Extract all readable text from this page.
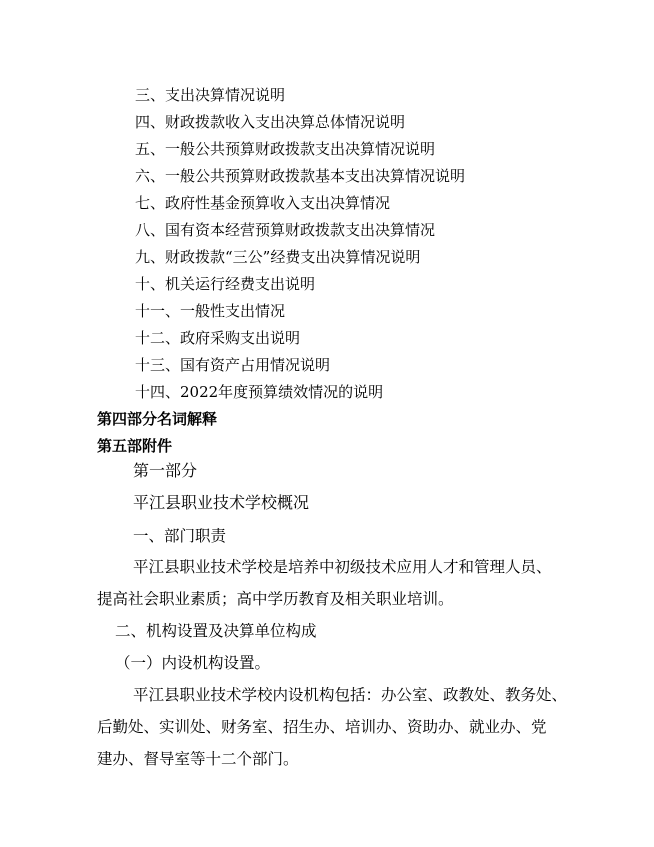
三、支出决算情况说明
四、财政拨款收入支出决算总体情况说明
五、一般公共预算财政拨款支出决算情况说明
六、一般公共预算财政拨款基本支出决算情况说明
七、政府性基金预算收入支出决算情况
八、国有资本经营预算财政拨款支出决算情况
九、财政拨款“三公”经费支出决算情况说明
十、机关运行经费支出说明
十一、一般性支出情况
十二、政府采购支出说明
十三、国有资产占用情况说明
十四、2022年度预算绩效情况的说明
第四部分名词解释
第五部附件
第一部分
平江县职业技术学校概况
一、部门职责
平江县职业技术学校是培养中初级技术应用人才和管理人员、
提高社会职业素质；高中学历教育及相关职业培训。
二、机构设置及决算单位构成
（一）内设机构设置。
平江县职业技术学校内设机构包括：办公室、政教处、教务处、
后勤处、实训处、财务室、招生办、培训办、资助办、就业办、党
建办、督导室等十二个部门。
